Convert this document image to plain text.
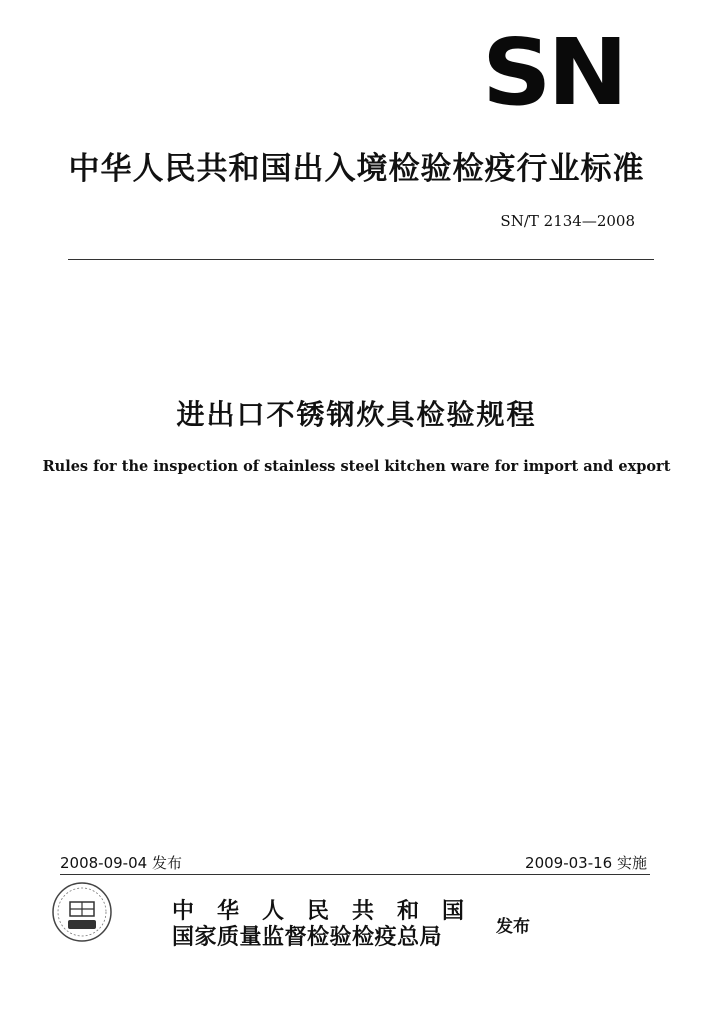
SN
中华人民共和国出入境检验检疫行业标准
SN/T 2134—2008
进出口不锈钢炊具检验规程
Rules for the inspection of stainless steel kitchen ware for import and export
2008-09-04 发布	2009-03-16 实施
中华人民共和国
国家质量监督检验检疫总局	发布
